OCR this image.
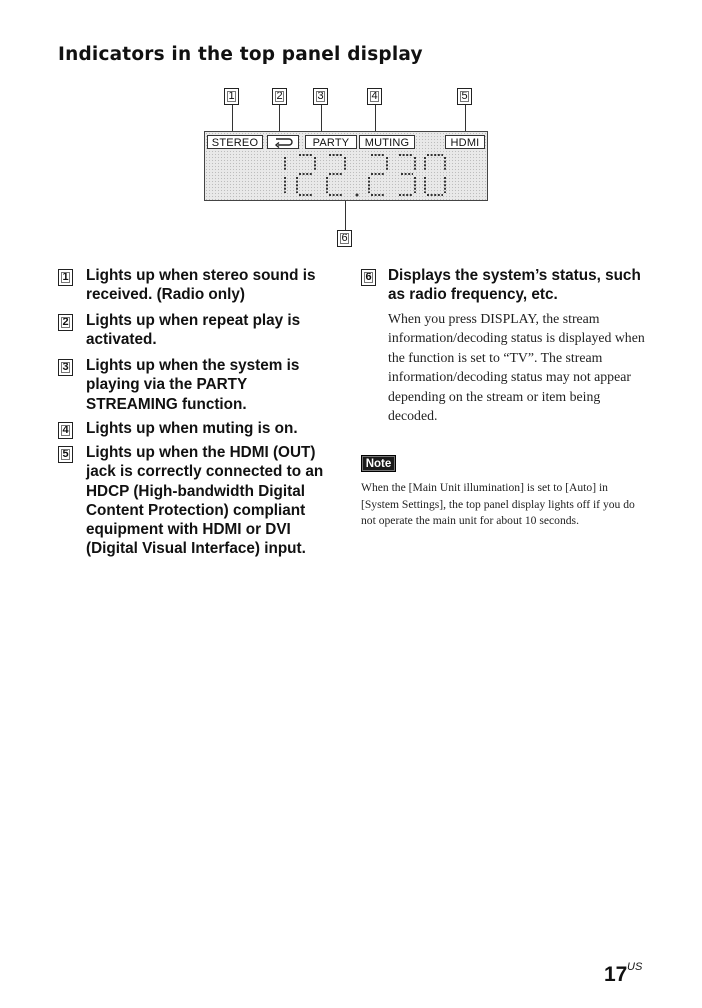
Indicators in the top panel display
1	2	3	4	5
6
STEREO	PARTY	MUTING	HDMI
1 Lights up when stereo sound is received. (Radio only)
2 Lights up when repeat play is activated.
3 Lights up when the system is playing via the PARTY STREAMING function.
4 Lights up when muting is on.
5 Lights up when the HDMI (OUT) jack is correctly connected to an HDCP (High-bandwidth Digital Content Protection) compliant equipment with HDMI or DVI (Digital Visual Interface) input.
6 Displays the system’s status, such as radio frequency, etc.
When you press DISPLAY, the stream information/decoding status is displayed when the function is set to “TV”. The stream information/decoding status may not appear depending on the stream or item being decoded.
Note
When the [Main Unit illumination] is set to [Auto] in [System Settings], the top panel display lights off if you do not operate the main unit for about 10 seconds.
17 US
